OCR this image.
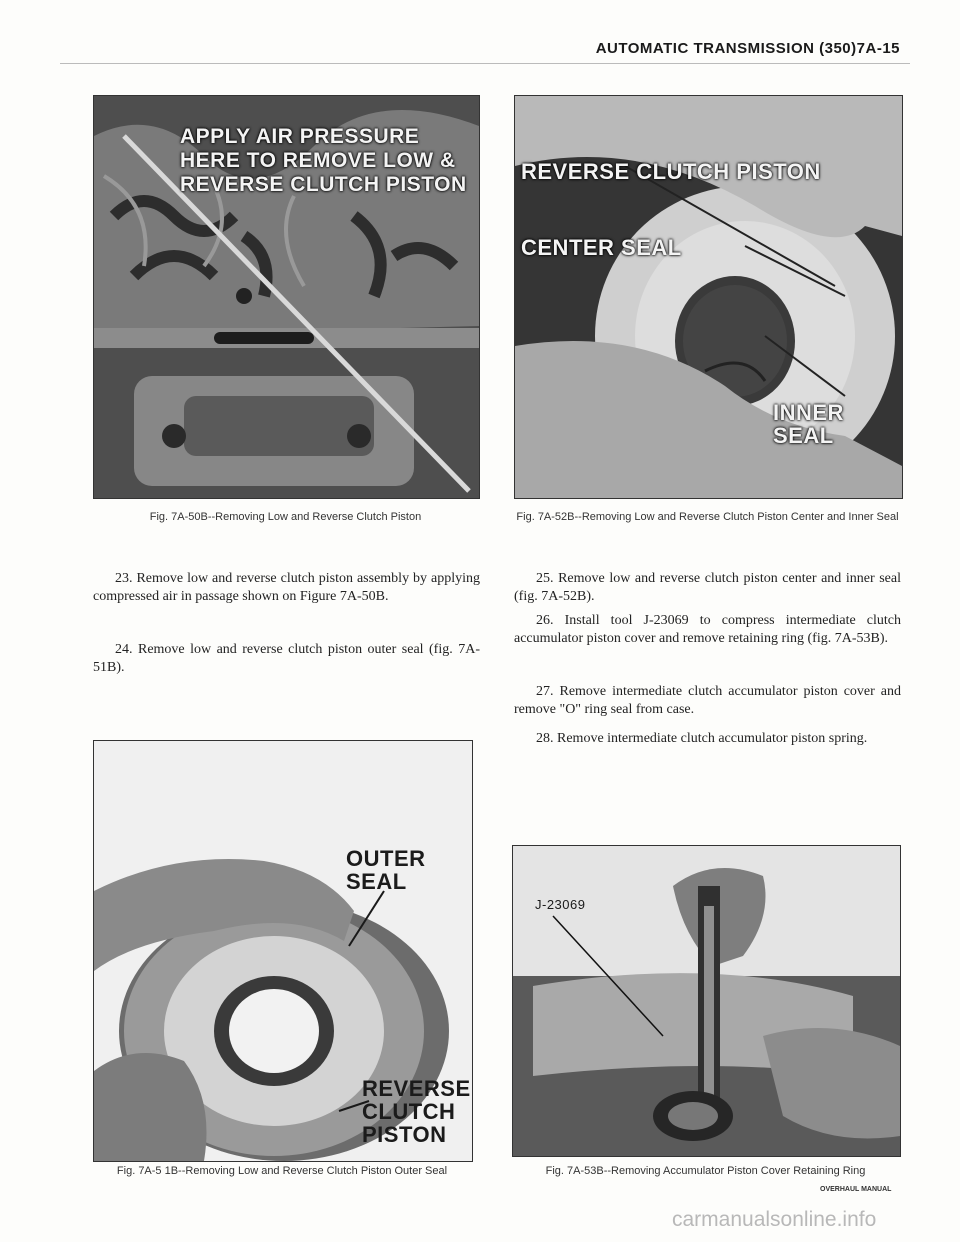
AUTOMATIC TRANSMISSION (350)7A-15
APPLY AIR PRESSURE
HERE TO REMOVE LOW &
REVERSE CLUTCH PISTON
Fig. 7A-50B--Removing Low and Reverse Clutch Piston
REVERSE CLUTCH PISTON
CENTER SEAL
INNER SEAL
Fig. 7A-52B--Removing Low and Reverse Clutch Piston Center and Inner Seal

23. Remove low and reverse clutch piston assembly by applying compressed air in passage shown on Figure 7A-50B.

24. Remove low and reverse clutch piston outer seal (fig. 7A-51B).

25. Remove low and reverse clutch piston center and inner seal (fig. 7A-52B).

26. Install tool J-23069 to compress intermediate clutch accumulator piston cover and remove retaining ring (fig. 7A-53B).

27. Remove intermediate clutch accumulator piston cover and remove "O" ring seal from case.

28. Remove intermediate clutch accumulator piston spring.

OUTER
SEAL
REVERSE
CLUTCH
PISTON
Fig. 7A-5 1B--Removing Low and Reverse Clutch Piston Outer Seal
J-23069
Fig. 7A-53B--Removing Accumulator Piston Cover Retaining Ring
OVERHAUL MANUAL
carmanualsonline.info
